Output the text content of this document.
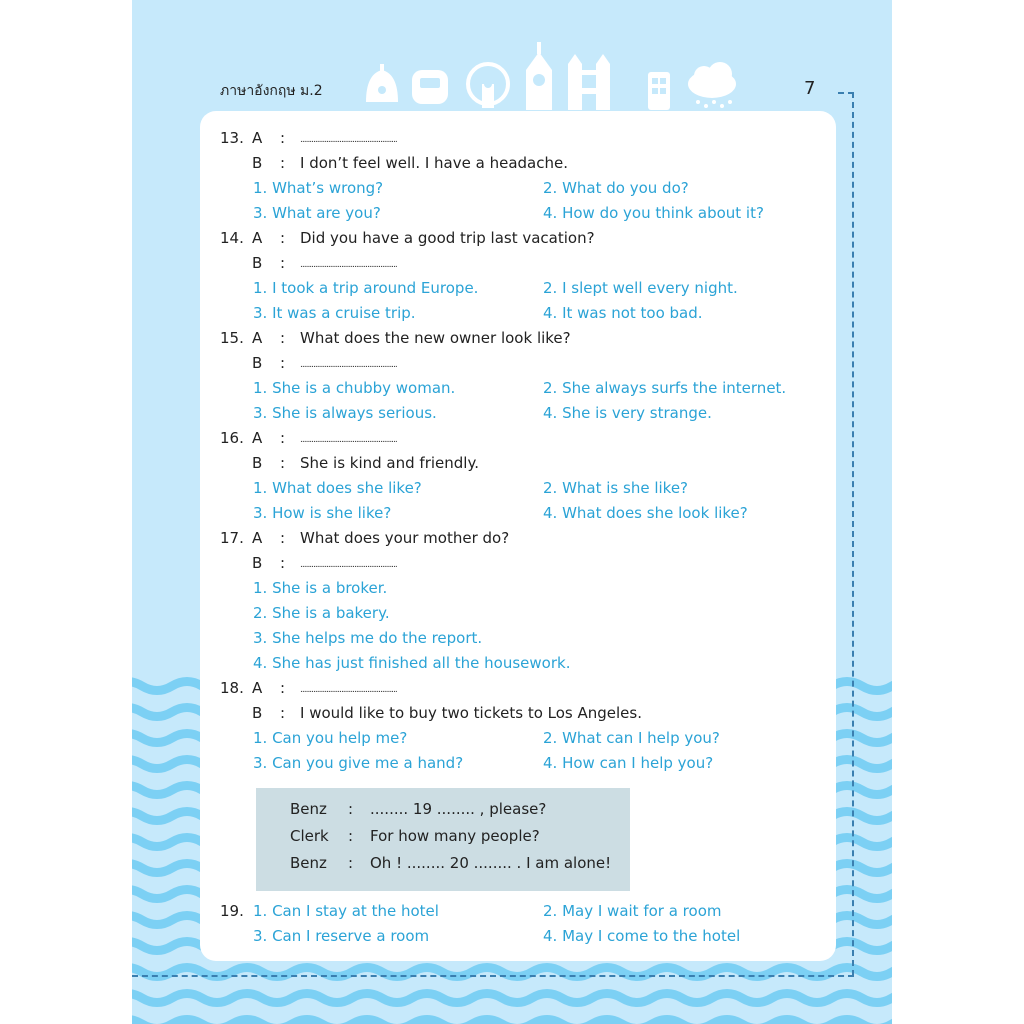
ภาษาอังกฤษ ม.2	7
13. A : ....................................................
B : I don’t feel well. I have a headache.
1. What’s wrong?	2. What do you do?
3. What are you?	4. How do you think about it?
14. A : Did you have a good trip last vacation?
B : ....................................................
1. I took a trip around Europe.	2. I slept well every night.
3. It was a cruise trip.	4. It was not too bad.
15. A : What does the new owner look like?
B : ....................................................
1. She is a chubby woman.	2. She always surfs the internet.
3. She is always serious.	4. She is very strange.
16. A : ....................................................
B : She is kind and friendly.
1. What does she like?	2. What is she like?
3. How is she like?	4. What does she look like?
17. A : What does your mother do?
B : ....................................................
1. She is a broker.
2. She is a bakery.
3. She helps me do the report.
4. She has just finished all the housework.
18. A : ....................................................
B : I would like to buy two tickets to Los Angeles.
1. Can you help me?	2. What can I help you?
3. Can you give me a hand?	4. How can I help you?
Benz : ........ 19 ........ , please?
Clerk : For how many people?
Benz : Oh ! ........ 20 ........ . I am alone!
19. 1. Can I stay at the hotel	2. May I wait for a room
3. Can I reserve a room	4. May I come to the hotel
